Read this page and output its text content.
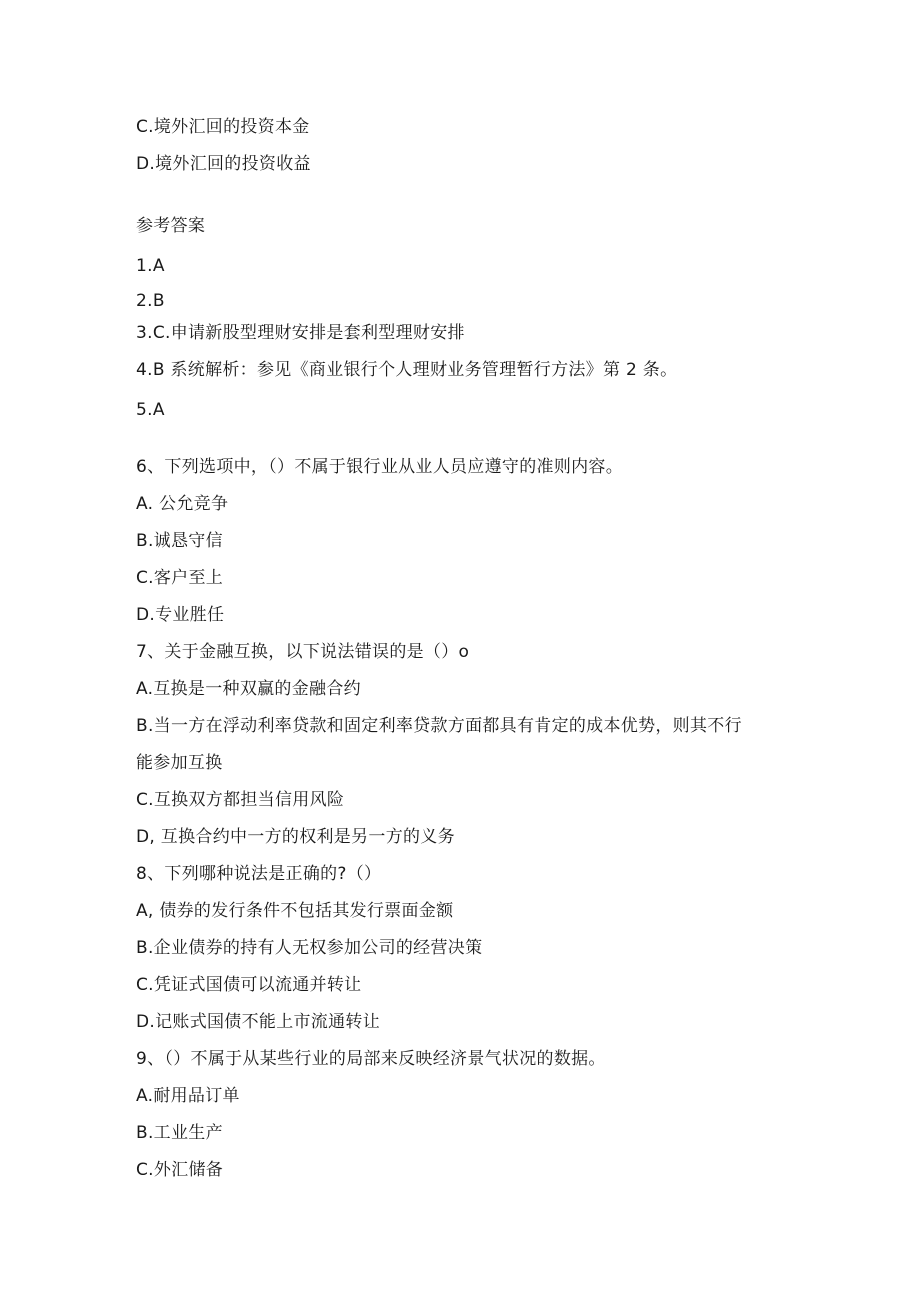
C.境外汇回的投资本金
D.境外汇回的投资收益
参考答案
1.A
2.B
3.C.申请新股型理财安排是套利型理财安排
4.B 系统解析：参见《商业银行个人理财业务管理暂行方法》第 2 条。
5.A
6、下列选项中，（）不属于银行业从业人员应遵守的准则内容。
A. 公允竞争
B.诚恳守信
C.客户至上
D.专业胜任
7、关于金融互换，以下说法错误的是（）o
A.互换是一种双赢的金融合约
B.当一方在浮动利率贷款和固定利率贷款方面都具有肯定的成本优势，则其不行
能参加互换
C.互换双方都担当信用风险
D, 互换合约中一方的权利是另一方的义务
8、下列哪种说法是正确的?（）
A, 债券的发行条件不包括其发行票面金额
B.企业债券的持有人无权参加公司的经营决策
C.凭证式国债可以流通并转让
D.记账式国债不能上市流通转让
9、（）不属于从某些行业的局部来反映经济景气状况的数据。
A.耐用品订单
B.工业生产
C.外汇储备
